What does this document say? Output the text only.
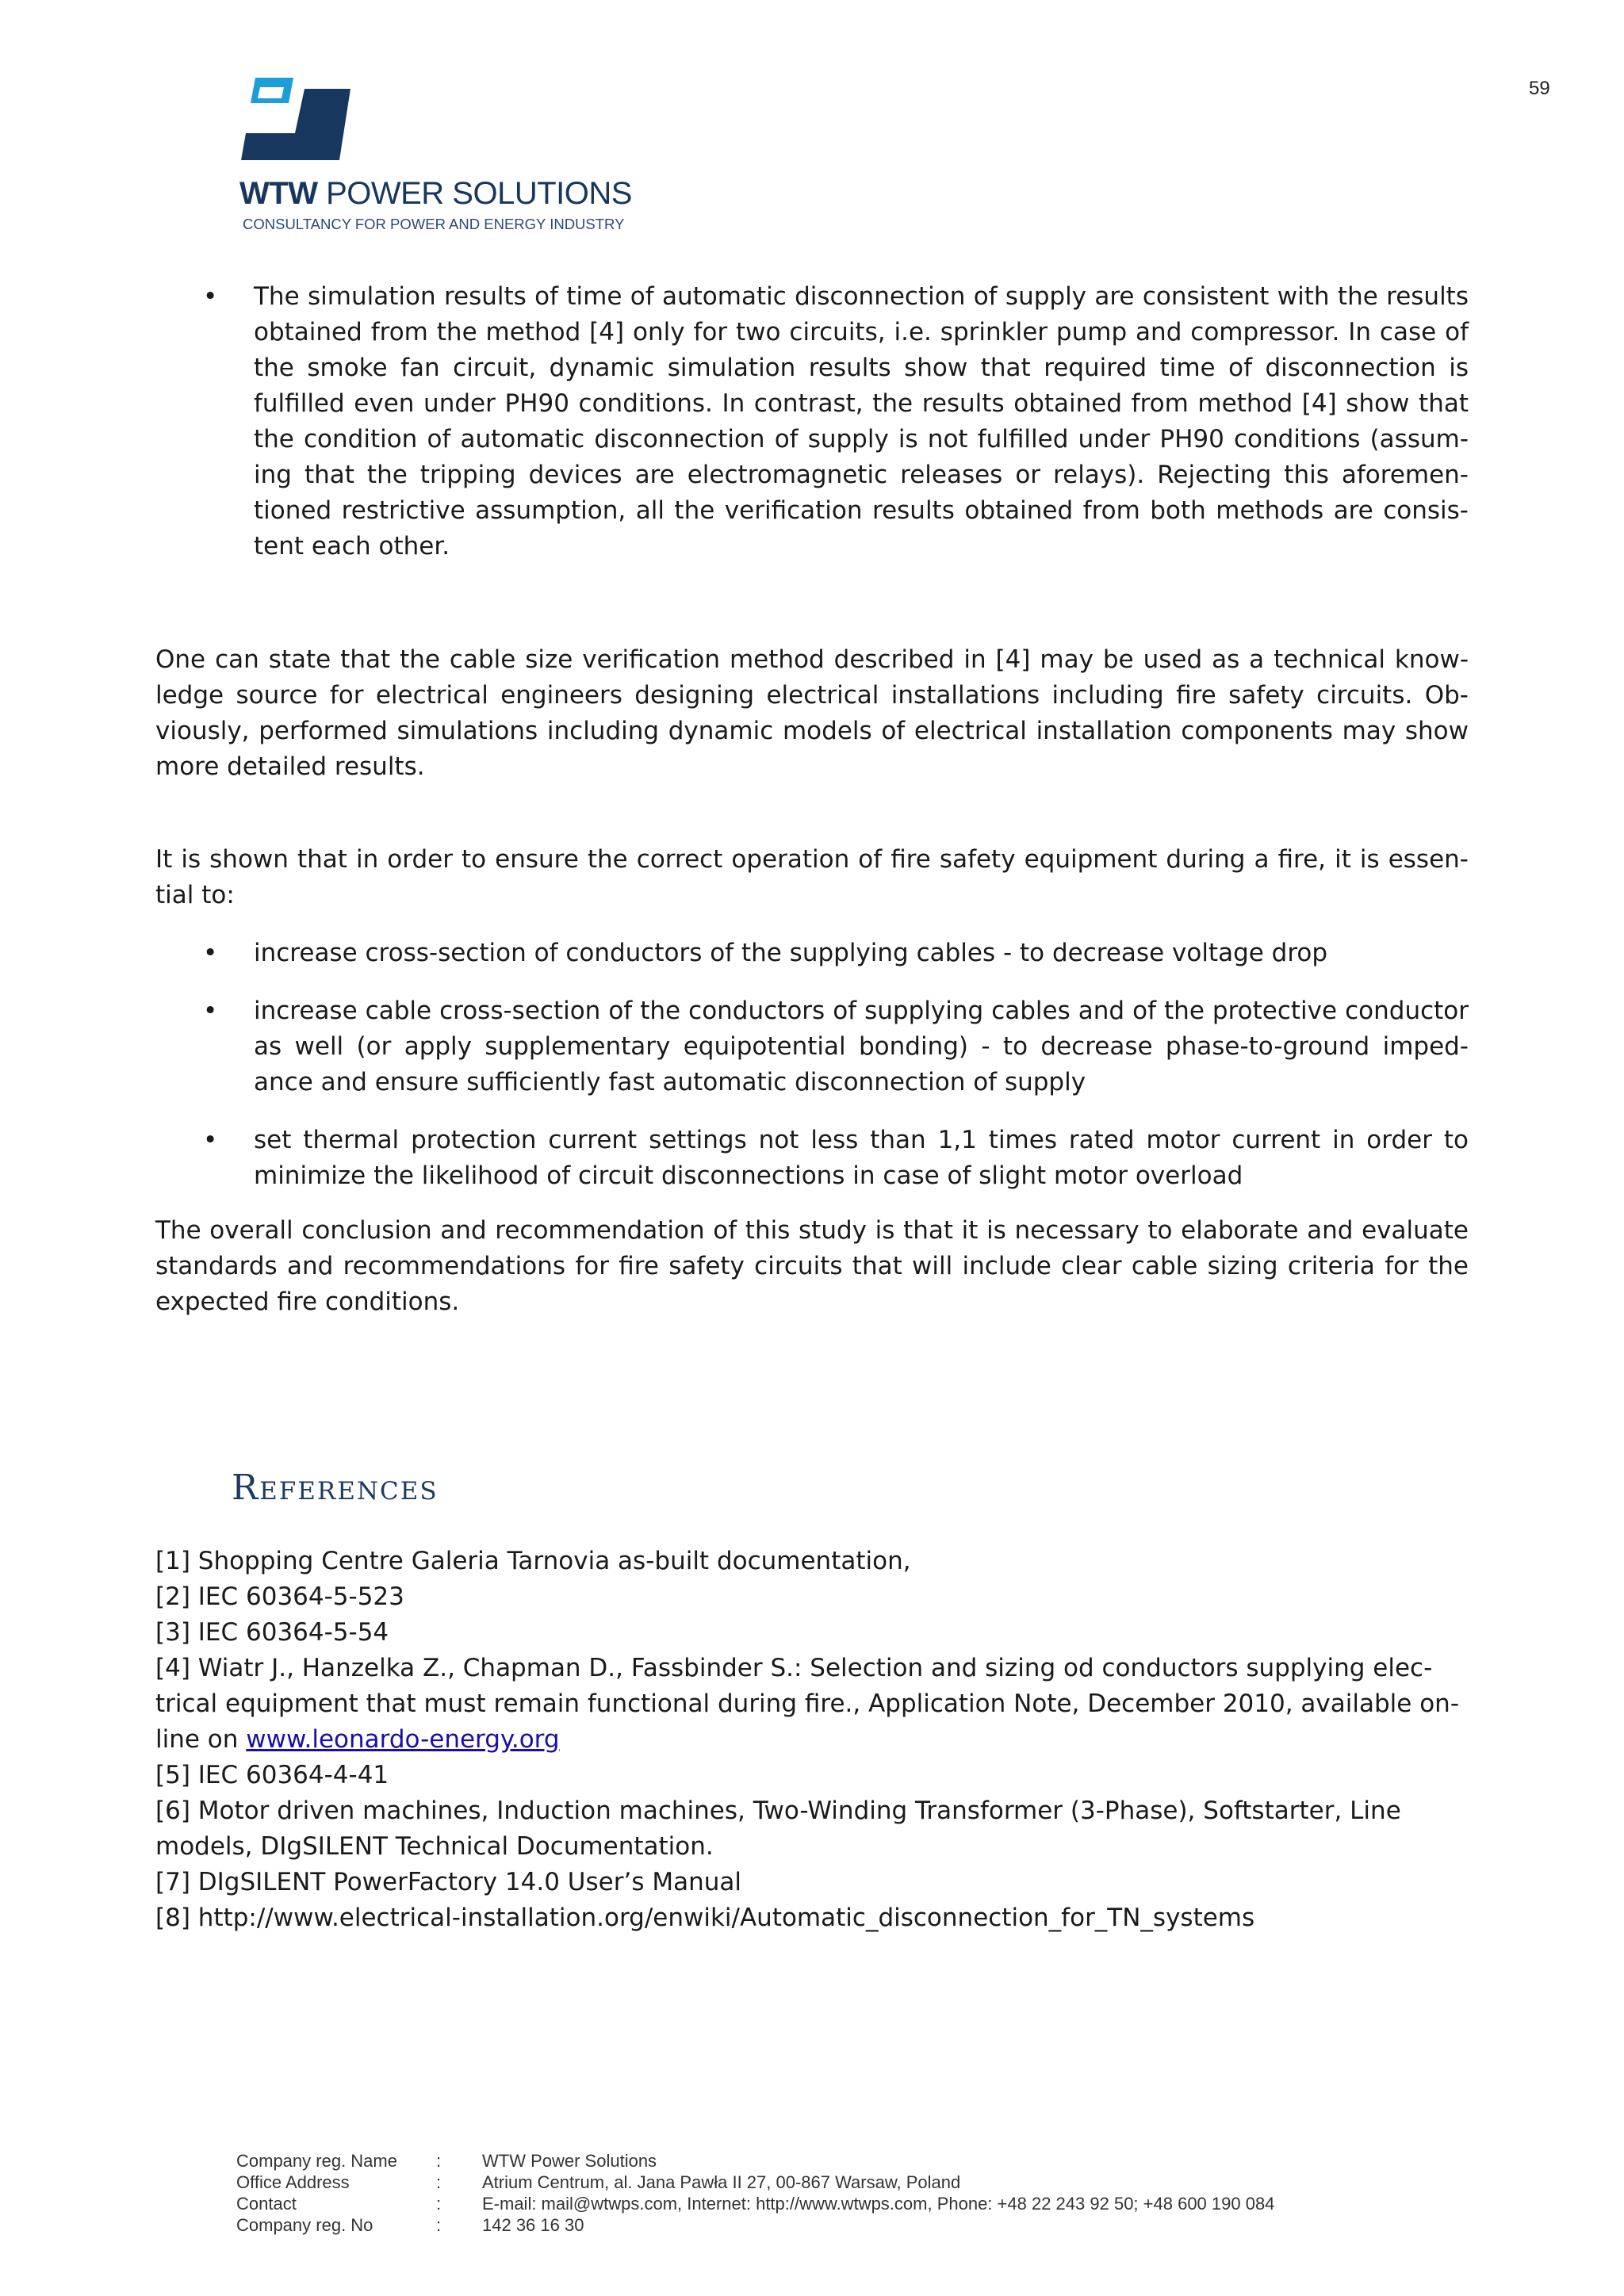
59
WTW POWER SOLUTIONS
CONSULTANCY FOR POWER AND ENERGY INDUSTRY
• The simulation results of time of automatic disconnection of supply are consistent with the results obtained from the method [4] only for two circuits, i.e. sprinkler pump and compressor. In case of the smoke fan circuit, dynamic simulation results show that required time of disconnection is fulfilled even under PH90 conditions. In contrast, the results obtained from method [4] show that the condition of automatic disconnection of supply is not fulfilled under PH90 conditions (assum-ing that the tripping devices are electromagnetic releases or relays). Rejecting this aforemen-tioned restrictive assumption, all the verification results obtained from both methods are consis-tent each other.

One can state that the cable size verification method described in [4] may be used as a technical know-ledge source for electrical engineers designing electrical installations including fire safety circuits. Ob-viously, performed simulations including dynamic models of electrical installation components may show more detailed results.

It is shown that in order to ensure the correct operation of fire safety equipment during a fire, it is essen-tial to:

• increase cross-section of conductors of the supplying cables - to decrease voltage drop
• increase cable cross-section of the conductors of supplying cables and of the protective conductor as well (or apply supplementary equipotential bonding) - to decrease phase-to-ground imped-ance and ensure sufficiently fast automatic disconnection of supply
• set thermal protection current settings not less than 1,1 times rated motor current in order to minimize the likelihood of circuit disconnections in case of slight motor overload

The overall conclusion and recommendation of this study is that it is necessary to elaborate and evaluate standards and recommendations for fire safety circuits that will include clear cable sizing criteria for the expected fire conditions.

References
[1] Shopping Centre Galeria Tarnovia as-built documentation,
[2] IEC 60364-5-523
[3] IEC 60364-5-54
[4] Wiatr J., Hanzelka Z., Chapman D., Fassbinder S.: Selection and sizing od conductors supplying elec-trical equipment that must remain functional during fire., Application Note, December 2010, available on-line on www.leonardo-energy.org
[5] IEC 60364-4-41
[6] Motor driven machines, Induction machines, Two-Winding Transformer (3-Phase), Softstarter, Line models, DIgSILENT Technical Documentation.
[7] DIgSILENT PowerFactory 14.0 User’s Manual
[8] http://www.electrical-installation.org/enwiki/Automatic_disconnection_for_TN_systems
Company reg. Name	:	WTW Power Solutions
Office Address	:	Atrium Centrum, al. Jana Pawła II 27, 00-867 Warsaw, Poland
Contact	:	E-mail: mail@wtwps.com, Internet: http://www.wtwps.com, Phone: +48 22 243 92 50; +48 600 190 084
Company reg. No	:	142 36 16 30
